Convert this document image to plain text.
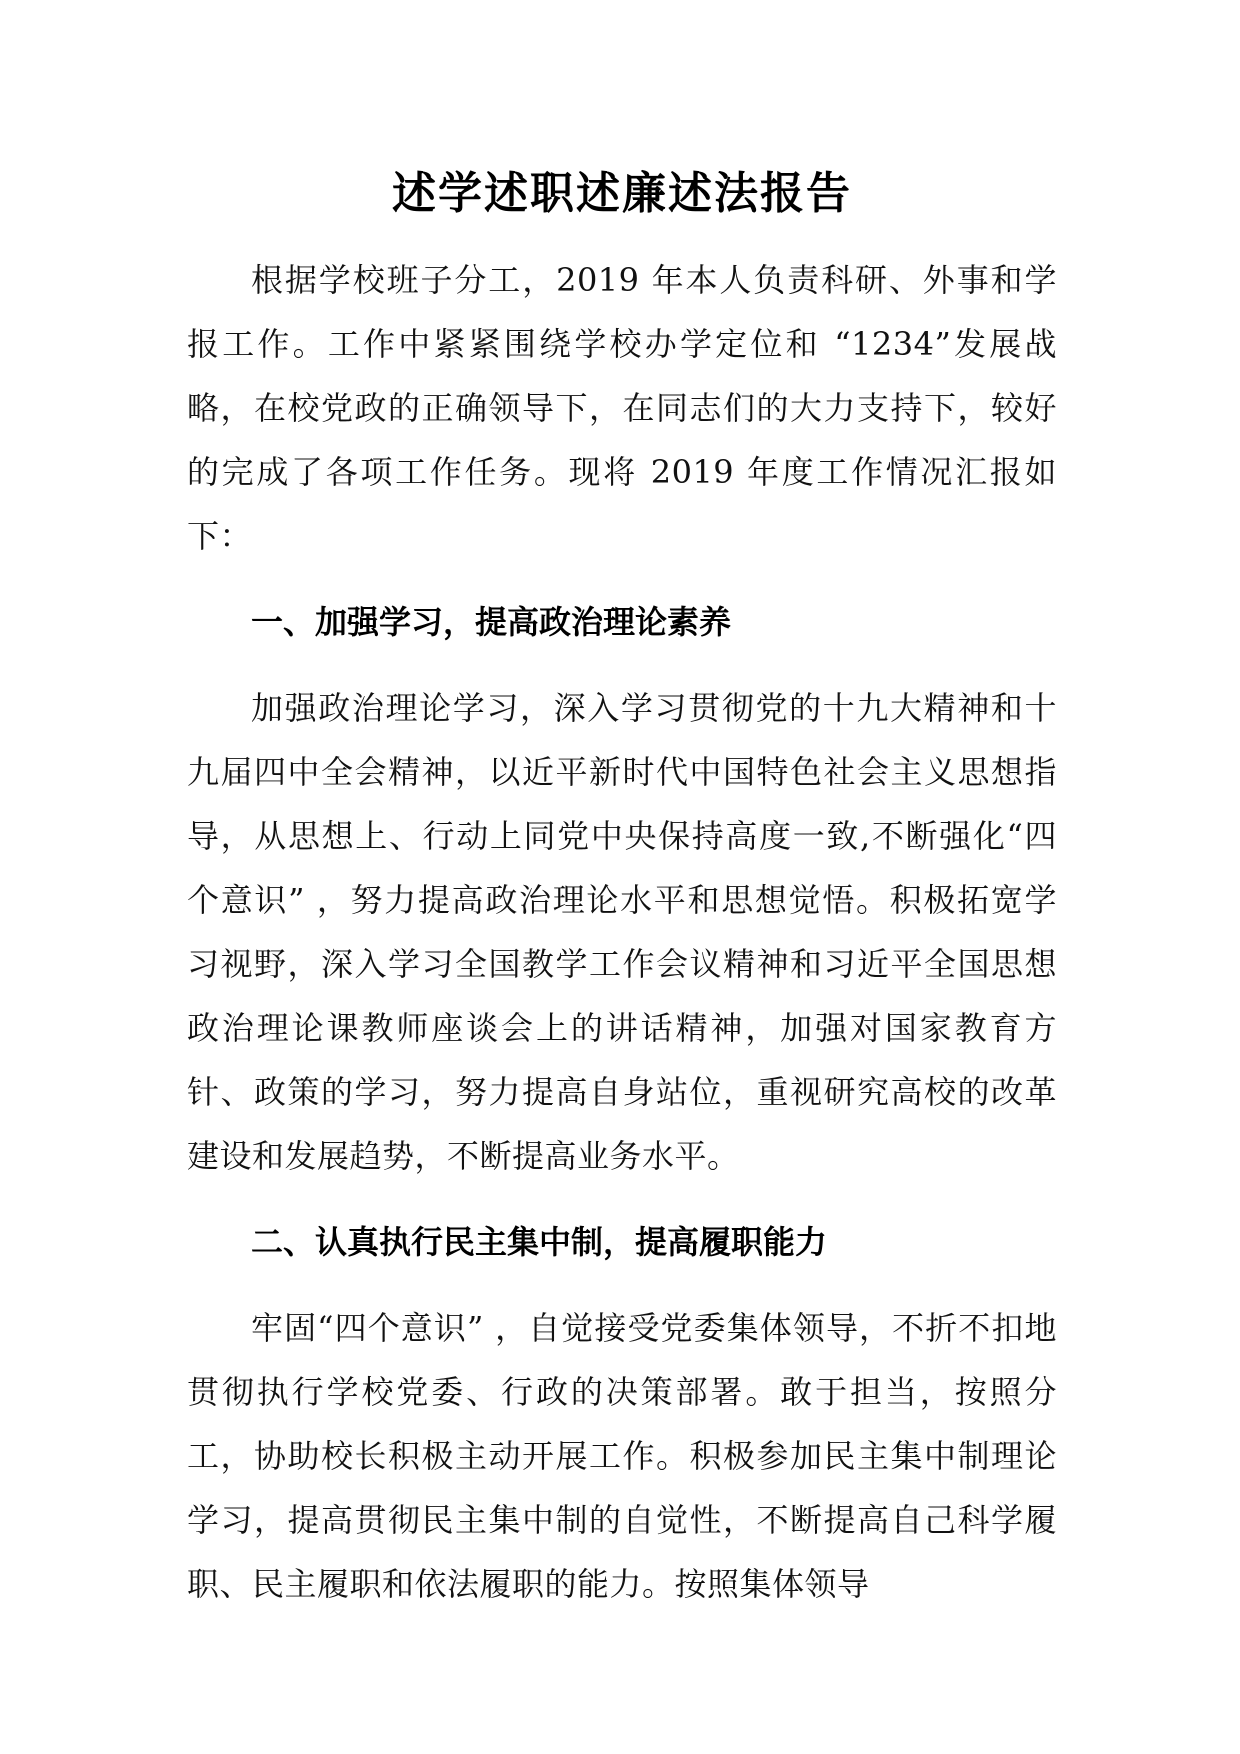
述学述职述廉述法报告

根据学校班子分工，2019 年本人负责科研、外事和学报工作。工作中紧紧围绕学校办学定位和 “1234”发展战略，在校党政的正确领导下，在同志们的大力支持下，较好的完成了各项工作任务。现将 2019 年度工作情况汇报如下：

一、加强学习，提高政治理论素养

加强政治理论学习，深入学习贯彻党的十九大精神和十九届四中全会精神，以近平新时代中国特色社会主义思想指导，从思想上、行动上同党中央保持高度一致,不断强化“四个意识” ，努力提高政治理论水平和思想觉悟。积极拓宽学习视野，深入学习全国教学工作会议精神和习近平全国思想政治理论课教师座谈会上的讲话精神，加强对国家教育方针、政策的学习，努力提高自身站位，重视研究高校的改革建设和发展趋势，不断提高业务水平。

二、认真执行民主集中制，提高履职能力

牢固“四个意识” ，自觉接受党委集体领导，不折不扣地贯彻执行学校党委、行政的决策部署。敢于担当，按照分工，协助校长积极主动开展工作。积极参加民主集中制理论学习，提高贯彻民主集中制的自觉性，不断提高自己科学履职、民主履职和依法履职的能力。按照集体领导
